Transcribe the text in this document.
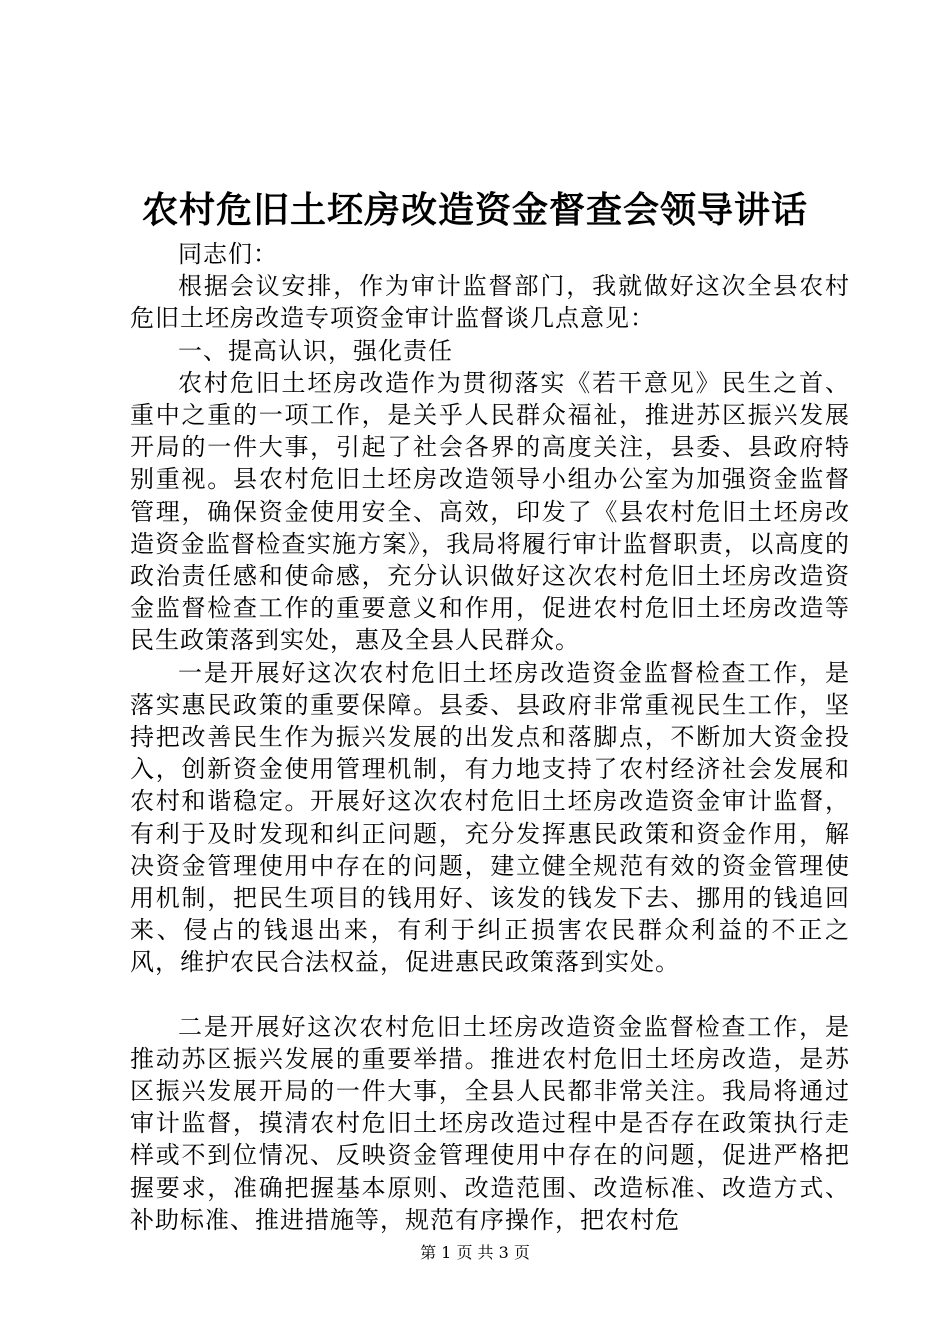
农村危旧土坯房改造资金督查会领导讲话

同志们：

根据会议安排，作为审计监督部门，我就做好这次全县农村危旧土坯房改造专项资金审计监督谈几点意见：

一、提高认识，强化责任

农村危旧土坯房改造作为贯彻落实《若干意见》民生之首、重中之重的一项工作，是关乎人民群众福祉，推进苏区振兴发展开局的一件大事，引起了社会各界的高度关注，县委、县政府特别重视。县农村危旧土坯房改造领导小组办公室为加强资金监督管理，确保资金使用安全、高效，印发了《县农村危旧土坯房改造资金监督检查实施方案》，我局将履行审计监督职责，以高度的政治责任感和使命感，充分认识做好这次农村危旧土坯房改造资金监督检查工作的重要意义和作用，促进农村危旧土坯房改造等民生政策落到实处，惠及全县人民群众。

一是开展好这次农村危旧土坯房改造资金监督检查工作，是落实惠民政策的重要保障。县委、县政府非常重视民生工作，坚持把改善民生作为振兴发展的出发点和落脚点，不断加大资金投入，创新资金使用管理机制，有力地支持了农村经济社会发展和农村和谐稳定。开展好这次农村危旧土坯房改造资金审计监督，有利于及时发现和纠正问题，充分发挥惠民政策和资金作用，解决资金管理使用中存在的问题，建立健全规范有效的资金管理使用机制，把民生项目的钱用好、该发的钱发下去、挪用的钱追回来、侵占的钱退出来，有利于纠正损害农民群众利益的不正之风，维护农民合法权益，促进惠民政策落到实处。

二是开展好这次农村危旧土坯房改造资金监督检查工作，是推动苏区振兴发展的重要举措。推进农村危旧土坯房改造，是苏区振兴发展开局的一件大事，全县人民都非常关注。我局将通过审计监督，摸清农村危旧土坯房改造过程中是否存在政策执行走样或不到位情况、反映资金管理使用中存在的问题，促进严格把握要求，准确把握基本原则、改造范围、改造标准、改造方式、补助标准、推进措施等，规范有序操作，把农村危

第 1 页 共 3 页
